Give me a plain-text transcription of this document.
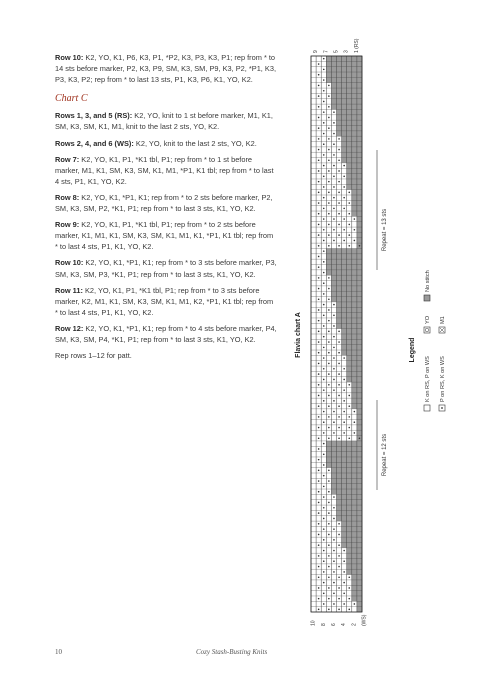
Row 10: K2, YO, K1, P6, K3, P1, *P2, K3, P3, K3, P1; rep from * to 14 sts before marker, P2, K3, P9, SM, K3, SM, P9, K3, P2, *P1, K3, P3, K3, P2; rep from * to last 13 sts, P1, K3, P6, K1, YO, K2.

Chart C

Rows 1, 3, and 5 (RS): K2, YO, knit to 1 st before marker, M1, K1, SM, K3, SM, K1, M1, knit to the last 2 sts, YO, K2.

Rows 2, 4, and 6 (WS): K2, YO, knit to the last 2 sts, YO, K2.

Row 7: K2, YO, K1, P1, *K1 tbl, P1; rep from * to 1 st before marker, M1, K1, SM, K3, SM, K1, M1, *P1, K1 tbl; rep from * to last 4 sts, P1, K1, YO, K2.

Row 8: K2, YO, K1, *P1, K1; rep from * to 2 sts before marker, P2, SM, K3, SM, P2, *K1, P1; rep from * to last 3 sts, K1, YO, K2.

Row 9: K2, YO, K1, P1, *K1 tbl, P1; rep from * to 2 sts before marker, K1, M1, K1, SM, K3, SM, K1, M1, K1, *P1, K1 tbl; rep from * to last 4 sts, P1, K1, YO, K2.

Row 10: K2, YO, K1, *P1, K1; rep from * to 3 sts before marker, P3, SM, K3, SM, P3, *K1, P1; rep from * to last 3 sts, K1, YO, K2.

Row 11: K2, YO, K1, P1, *K1 tbl, P1; rep from * to 3 sts before marker, K2, M1, K1, SM, K3, SM, K1, M1, K2, *P1, K1 tbl; rep from * to last 4 sts, P1, K1, YO, K2.

Row 12: K2, YO, K1, *P1, K1; rep from * to 4 sts before marker, P4, SM, K3, SM, P4, *K1, P1; rep from * to last 3 sts, K1, YO, K2.

Rep rows 1–12 for patt.

9 7 5 3 1 (RS)
10 8 6 4 2 (WS)
Flavia chart A
Repeat = 13 sts
Repeat = 12 sts
Legend
K on RS, P on WS
YO
No stitch
P on RS, K on WS
M1
10	Cozy Stash-Busting Knits
